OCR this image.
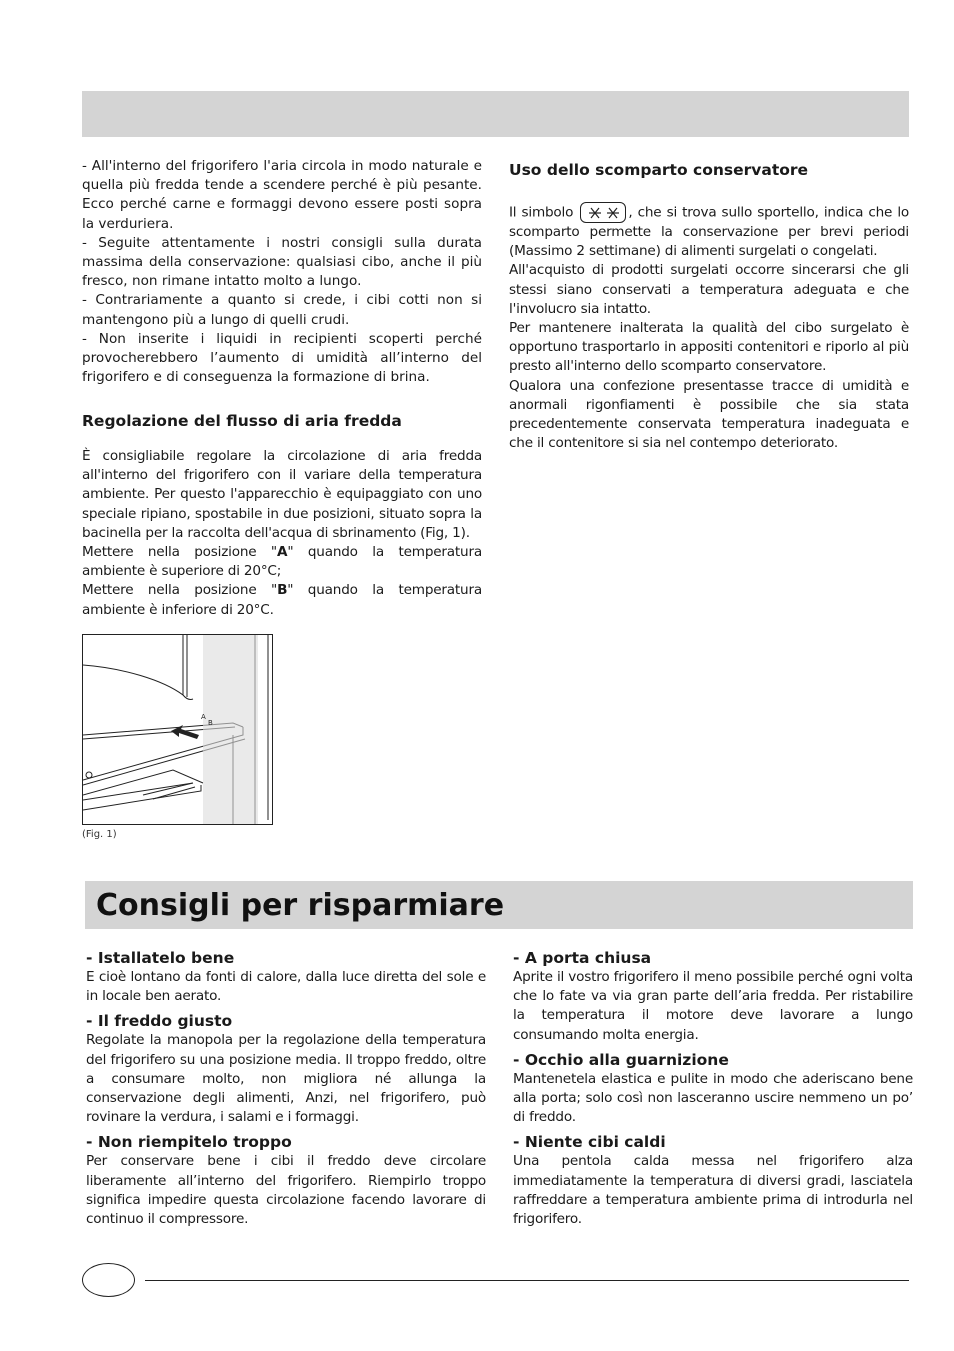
- All'interno del frigorifero l'aria circola in modo naturale e quella più fredda tende a scendere perché è più pesante. Ecco perché carne e formaggi devono essere posti sopra la verduriera.

- Seguite attentamente i nostri consigli sulla durata massima della conservazione: qualsiasi cibo, anche il più fresco, non rimane intatto molto a lungo.

- Contrariamente a quanto si crede, i cibi cotti non si mantengono più a lungo di quelli crudi.

- Non inserite i liquidi in recipienti scoperti perché provocherebbero l’aumento di umidità all’interno del frigorifero e di conseguenza la formazione di brina.

Regolazione del flusso di aria fredda

È consigliabile regolare la circolazione di aria fredda all'interno del frigorifero con il variare della temperatura ambiente. Per questo l'apparecchio è equipaggiato con uno speciale ripiano, spostabile in due posizioni, situato sopra la bacinella per la raccolta dell'acqua di sbrinamento (Fig, 1).

Mettere nella posizione "A" quando la temperatura ambiente è superiore di 20°C;

Mettere nella posizione "B" quando la temperatura ambiente è inferiore di 20°C.

A
B
(Fig. 1)
Uso dello scomparto conservatore

Il simbolo	, che si trova sullo sportello, indica che lo scomparto permette la conservazione per brevi periodi (Massimo 2 settimane) di alimenti surgelati o congelati.

All'acquisto di prodotti surgelati occorre sincerarsi che gli stessi siano conservati a temperatura adeguata e che l'involucro sia intatto.

Per mantenere inalterata la qualità del cibo surgelato è opportuno trasportarlo in appositi contenitori e riporlo al più presto all'interno dello scomparto conservatore.

Qualora una confezione presentasse tracce di umidità e anormali rigonfiamenti è possibile che sia stata precedentemente conservata temperatura inadeguata e che il contenitore si sia nel contempo deteriorato.

Consigli per risparmiare
- Istallatelo bene

E cioè lontano da fonti di calore, dalla luce diretta del sole e in locale ben aerato.

- Il freddo giusto

Regolate la manopola per la regolazione della temperatura del frigorifero su una posizione media. Il troppo freddo, oltre a consumare molto, non migliora né allunga la conservazione degli alimenti, Anzi, nel frigorifero, può rovinare la verdura, i salami e i formaggi.

- Non riempitelo troppo

Per conservare bene i cibi il freddo deve circolare liberamente all’interno del frigorifero. Riempirlo troppo significa impedire questa circolazione facendo lavorare di continuo il compressore.

- A porta chiusa

Aprite il vostro frigorifero il meno possibile perché ogni volta che lo fate va via gran parte dell’aria fredda. Per ristabilire la temperatura il motore deve lavorare a lungo consumando molta energia.

- Occhio alla guarnizione

Mantenetela elastica e pulite in modo che aderiscano bene alla porta; solo così non lasceranno uscire nemmeno un po’ di freddo.

- Niente cibi caldi

Una pentola calda messa nel frigorifero alza immediatamente la temperatura di diversi gradi, lasciatela raffreddare a temperatura ambiente prima di introdurla nel frigorifero.
